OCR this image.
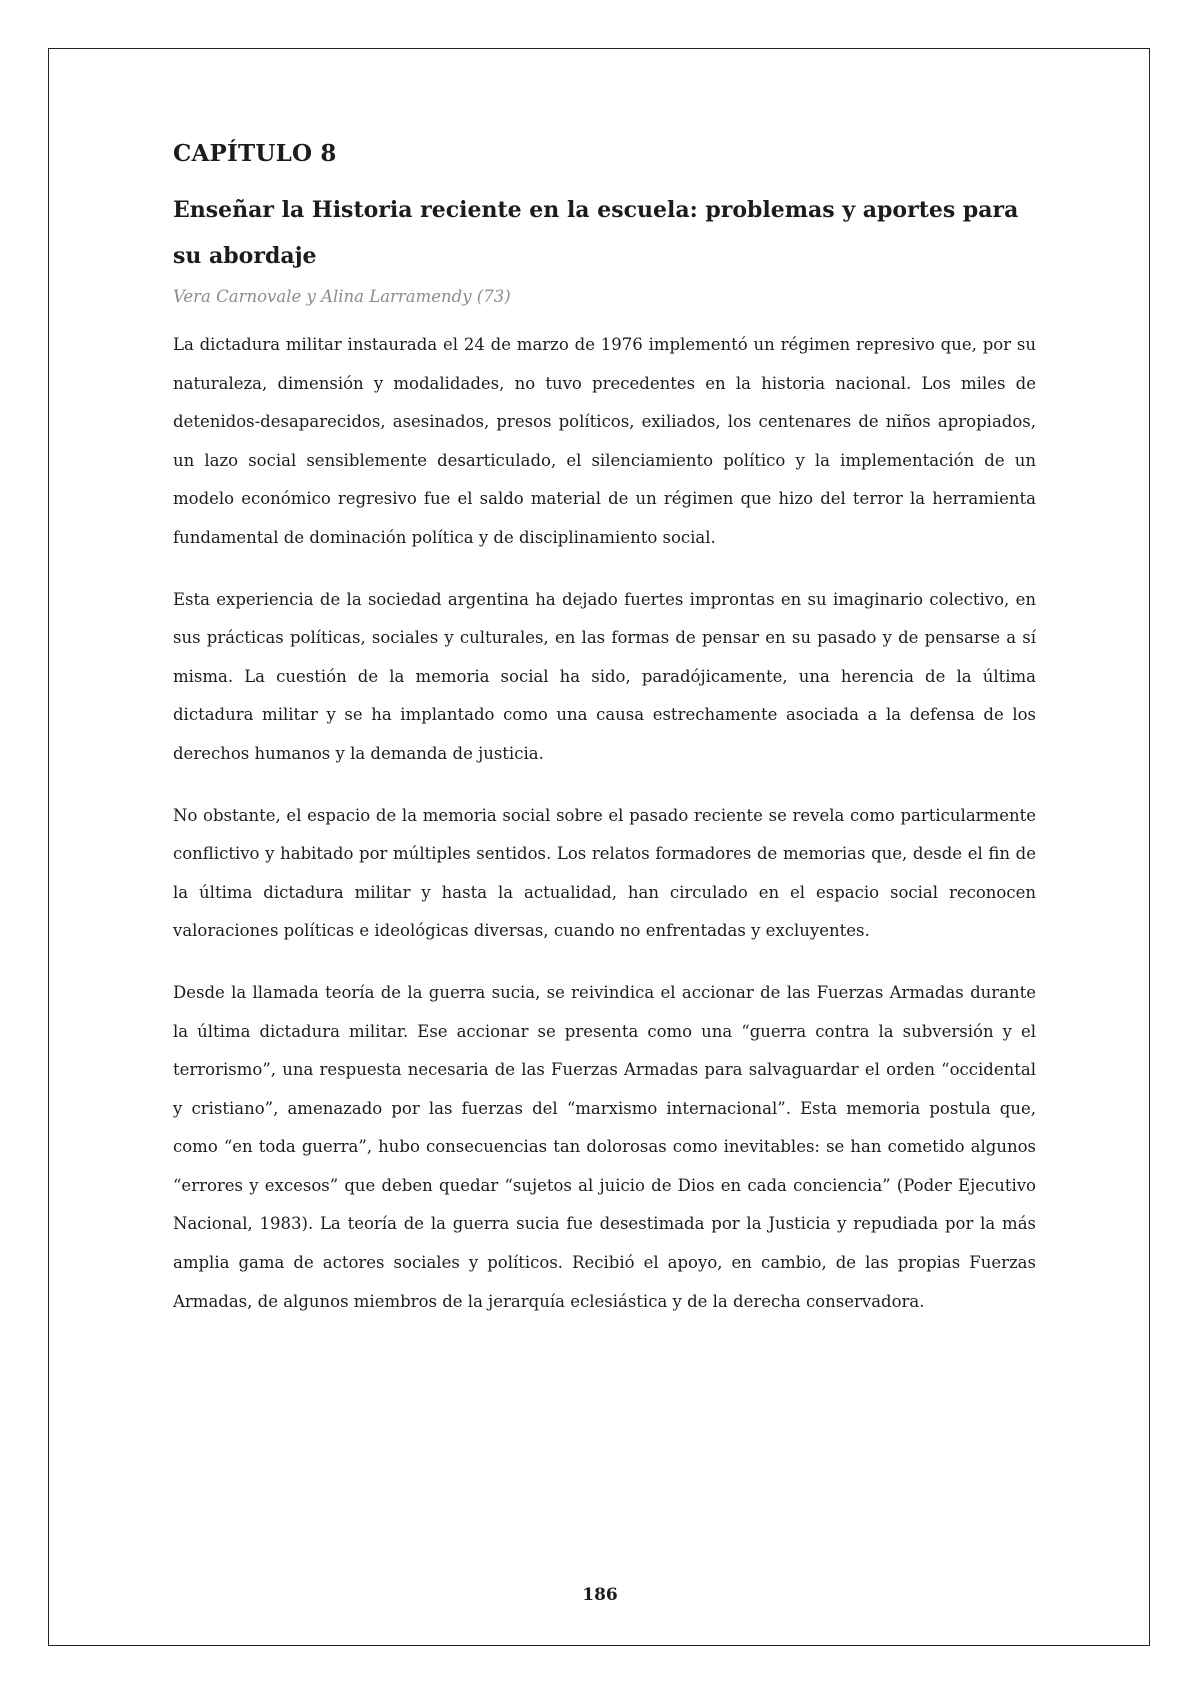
CAPÍTULO 8
Enseñar la Historia reciente en la escuela: problemas y aportes para su abordaje

Vera Carnovale y Alina Larramendy (73)

La dictadura militar instaurada el 24 de marzo de 1976 implementó un régimen represivo que, por su naturaleza, dimensión y modalidades, no tuvo precedentes en la historia nacional. Los miles de detenidos-desaparecidos, asesinados, presos políticos, exiliados, los centenares de niños apropiados, un lazo social sensiblemente desarticulado, el silenciamiento político y la implementación de un modelo económico regresivo fue el saldo material de un régimen que hizo del terror la herramienta fundamental de dominación política y de disciplinamiento social.

Esta experiencia de la sociedad argentina ha dejado fuertes improntas en su imaginario colectivo, en sus prácticas políticas, sociales y culturales, en las formas de pensar en su pasado y de pensarse a sí misma. La cuestión de la memoria social ha sido, paradójicamente, una herencia de la última dictadura militar y se ha implantado como una causa estrechamente asociada a la defensa de los derechos humanos y la demanda de justicia.

No obstante, el espacio de la memoria social sobre el pasado reciente se revela como particularmente conflictivo y habitado por múltiples sentidos. Los relatos formadores de memorias que, desde el fin de la última dictadura militar y hasta la actualidad, han circulado en el espacio social reconocen valoraciones políticas e ideológicas diversas, cuando no enfrentadas y excluyentes.

Desde la llamada teoría de la guerra sucia, se reivindica el accionar de las Fuerzas Armadas durante la última dictadura militar. Ese accionar se presenta como una “guerra contra la subversión y el terrorismo”, una respuesta necesaria de las Fuerzas Armadas para salvaguardar el orden “occidental y cristiano”, amenazado por las fuerzas del “marxismo internacional”. Esta memoria postula que, como “en toda guerra”, hubo consecuencias tan dolorosas como inevitables: se han cometido algunos “errores y excesos” que deben quedar “sujetos al juicio de Dios en cada conciencia” (Poder Ejecutivo Nacional, 1983). La teoría de la guerra sucia fue desestimada por la Justicia y repudiada por la más amplia gama de actores sociales y políticos. Recibió el apoyo, en cambio, de las propias Fuerzas Armadas, de algunos miembros de la jerarquía eclesiástica y de la derecha conservadora.

186
